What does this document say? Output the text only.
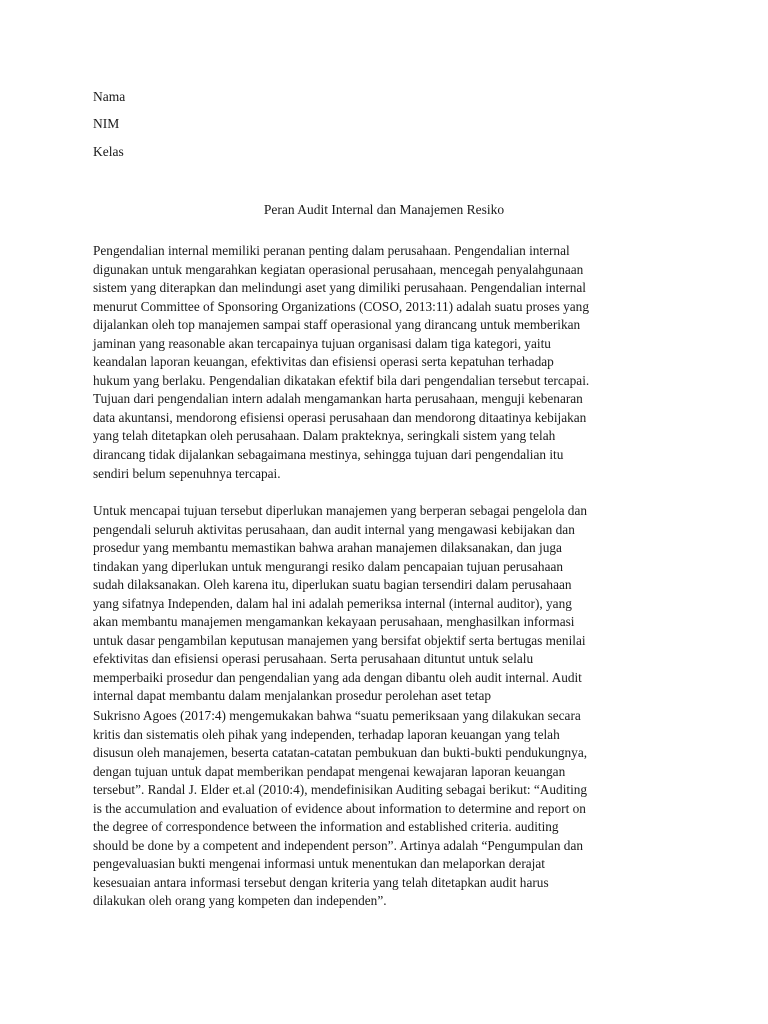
Nama

NIM

Kelas

Peran Audit Internal dan Manajemen Resiko

Pengendalian internal memiliki peranan penting dalam perusahaan. Pengendalian internal
digunakan untuk mengarahkan kegiatan operasional perusahaan, mencegah penyalahgunaan
sistem yang diterapkan dan melindungi aset yang dimiliki perusahaan. Pengendalian internal
menurut Committee of Sponsoring Organizations (COSO, 2013:11) adalah suatu proses yang
dijalankan oleh top manajemen sampai staff operasional yang dirancang untuk memberikan
jaminan yang reasonable akan tercapainya tujuan organisasi dalam tiga kategori, yaitu
keandalan laporan keuangan, efektivitas dan efisiensi operasi serta kepatuhan terhadap
hukum yang berlaku. Pengendalian dikatakan efektif bila dari pengendalian tersebut tercapai.
Tujuan dari pengendalian intern adalah mengamankan harta perusahaan, menguji kebenaran
data akuntansi, mendorong efisiensi operasi perusahaan dan mendorong ditaatinya kebijakan
yang telah ditetapkan oleh perusahaan. Dalam prakteknya, seringkali sistem yang telah
dirancang tidak dijalankan sebagaimana mestinya, sehingga tujuan dari pengendalian itu
sendiri belum sepenuhnya tercapai.

Untuk mencapai tujuan tersebut diperlukan manajemen yang berperan sebagai pengelola dan
pengendali seluruh aktivitas perusahaan, dan audit internal yang mengawasi kebijakan dan
prosedur yang membantu memastikan bahwa arahan manajemen dilaksanakan, dan juga
tindakan yang diperlukan untuk mengurangi resiko dalam pencapaian tujuan perusahaan
sudah dilaksanakan. Oleh karena itu, diperlukan suatu bagian tersendiri dalam perusahaan
yang sifatnya Independen, dalam hal ini adalah pemeriksa internal (internal auditor), yang
akan membantu manajemen mengamankan kekayaan perusahaan, menghasilkan informasi
untuk dasar pengambilan keputusan manajemen yang bersifat objektif serta bertugas menilai
efektivitas dan efisiensi operasi perusahaan. Serta perusahaan dituntut untuk selalu
memperbaiki prosedur dan pengendalian yang ada dengan dibantu oleh audit internal. Audit
internal dapat membantu dalam menjalankan prosedur perolehan aset tetap

Sukrisno Agoes (2017:4) mengemukakan bahwa “suatu pemeriksaan yang dilakukan secara
kritis dan sistematis oleh pihak yang independen, terhadap laporan keuangan yang telah
disusun oleh manajemen, beserta catatan-catatan pembukuan dan bukti-bukti pendukungnya,
dengan tujuan untuk dapat memberikan pendapat mengenai kewajaran laporan keuangan
tersebut”. Randal J. Elder et.al (2010:4), mendefinisikan Auditing sebagai berikut: “Auditing
is the accumulation and evaluation of evidence about information to determine and report on
the degree of correspondence between the information and established criteria. auditing
should be done by a competent and independent person”. Artinya adalah “Pengumpulan dan
pengevaluasian bukti mengenai informasi untuk menentukan dan melaporkan derajat
kesesuaian antara informasi tersebut dengan kriteria yang telah ditetapkan audit harus
dilakukan oleh orang yang kompeten dan independen”.
